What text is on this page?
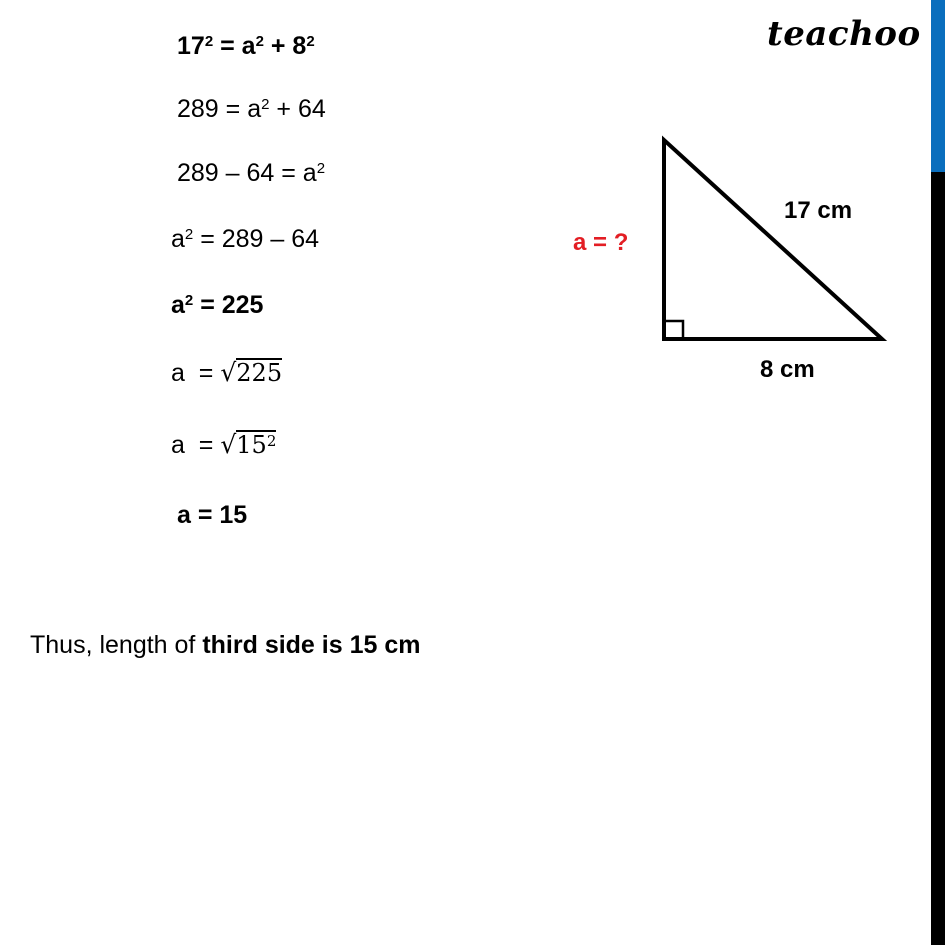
teachoo
$17^2 = a^2 + 8^2$
$289 = a^2 + 64$
$289 - 64 = a^2$
$a^2 = 289 - 64$
$a^2 = 225$
a  = √225
$a = √15^2$
a = 15
Thus, length of third side is 15 cm
17 cm
8 cm
a = ?
